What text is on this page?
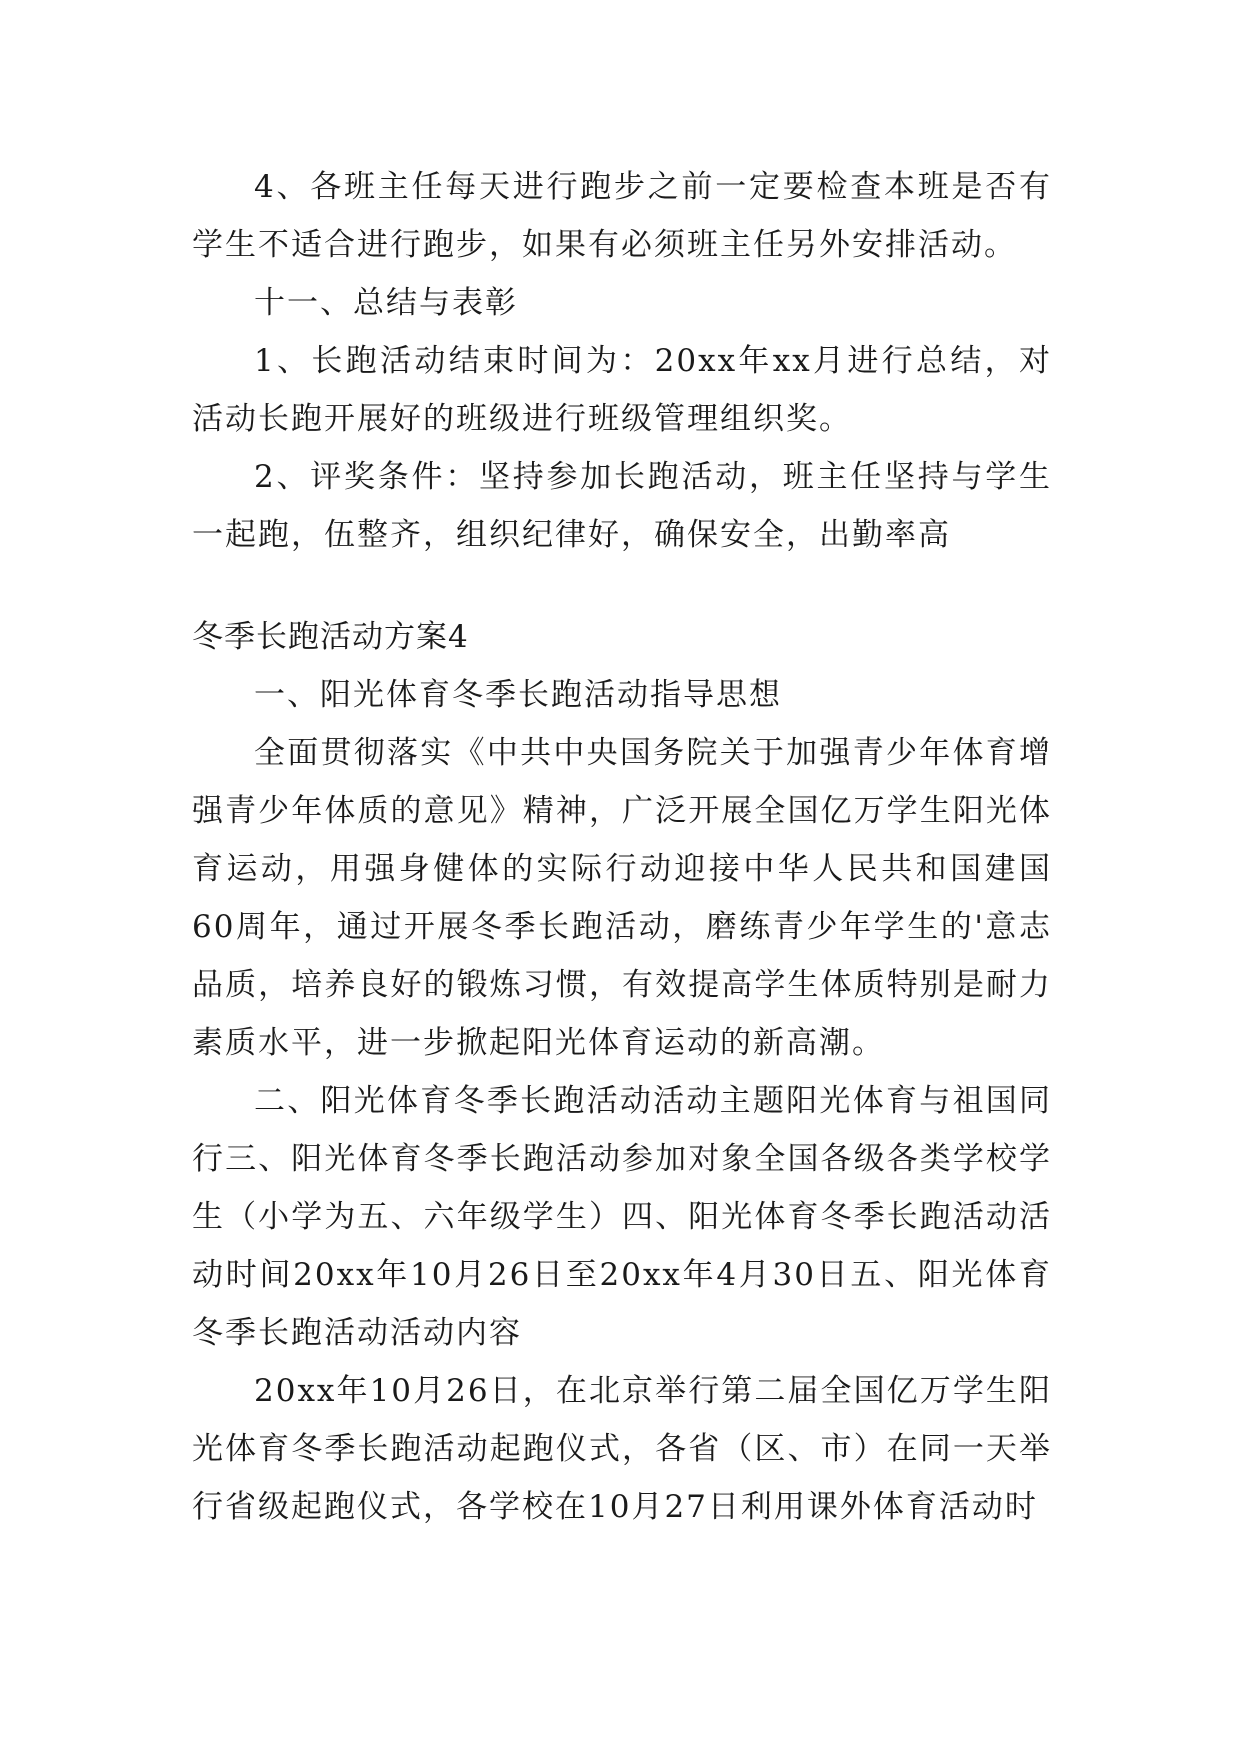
4、各班主任每天进行跑步之前一定要检查本班是否有学生不适合进行跑步，如果有必须班主任另外安排活动。

十一、总结与表彰

1、长跑活动结束时间为：20xx年xx月进行总结，对活动长跑开展好的班级进行班级管理组织奖。

2、评奖条件：坚持参加长跑活动，班主任坚持与学生一起跑，伍整齐，组织纪律好，确保安全，出勤率高

冬季长跑活动方案4

一、阳光体育冬季长跑活动指导思想

全面贯彻落实《中共中央国务院关于加强青少年体育增强青少年体质的意见》精神，广泛开展全国亿万学生阳光体育运动，用强身健体的实际行动迎接中华人民共和国建国60周年，通过开展冬季长跑活动，磨练青少年学生的'意志品质，培养良好的锻炼习惯，有效提高学生体质特别是耐力素质水平，进一步掀起阳光体育运动的新高潮。

二、阳光体育冬季长跑活动活动主题阳光体育与祖国同行三、阳光体育冬季长跑活动参加对象全国各级各类学校学生（小学为五、六年级学生）四、阳光体育冬季长跑活动活动时间20xx年10月26日至20xx年4月30日五、阳光体育冬季长跑活动活动内容

20xx年10月26日，在北京举行第二届全国亿万学生阳光体育冬季长跑活动起跑仪式，各省（区、市）在同一天举行省级起跑仪式，各学校在10月27日利用课外体育活动时
